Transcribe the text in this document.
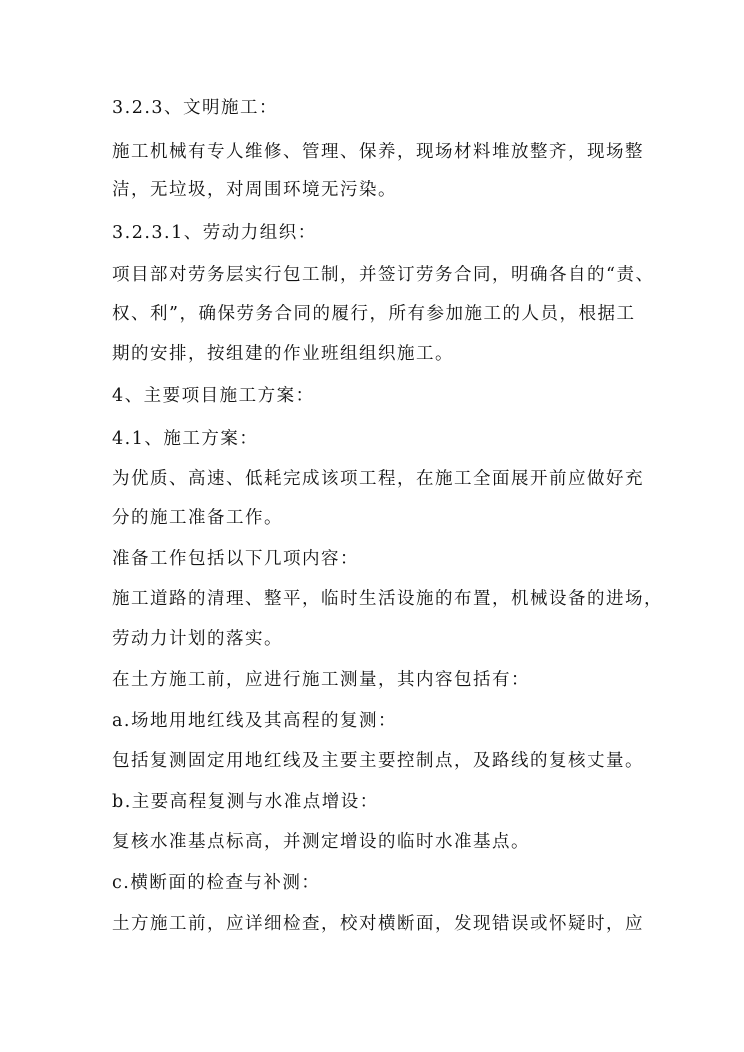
3.2.3、文明施工：
施工机械有专人维修、管理、保养，现场材料堆放整齐，现场整
洁，无垃圾，对周围环境无污染。
3.2.3.1、劳动力组织：
项目部对劳务层实行包工制，并签订劳务合同，明确各自的“责、
权、利”，确保劳务合同的履行，所有参加施工的人员，根据工
期的安排，按组建的作业班组组织施工。
4、主要项目施工方案：
4.1、施工方案：
为优质、高速、低耗完成该项工程，在施工全面展开前应做好充
分的施工准备工作。
准备工作包括以下几项内容：
施工道路的清理、整平，临时生活设施的布置，机械设备的进场，
劳动力计划的落实。
在土方施工前，应进行施工测量，其内容包括有：
a.场地用地红线及其高程的复测：
包括复测固定用地红线及主要主要控制点，及路线的复核丈量。
b.主要高程复测与水准点增设：
复核水准基点标高，并测定增设的临时水准基点。
c.横断面的检查与补测：
土方施工前，应详细检查，校对横断面，发现错误或怀疑时，应
